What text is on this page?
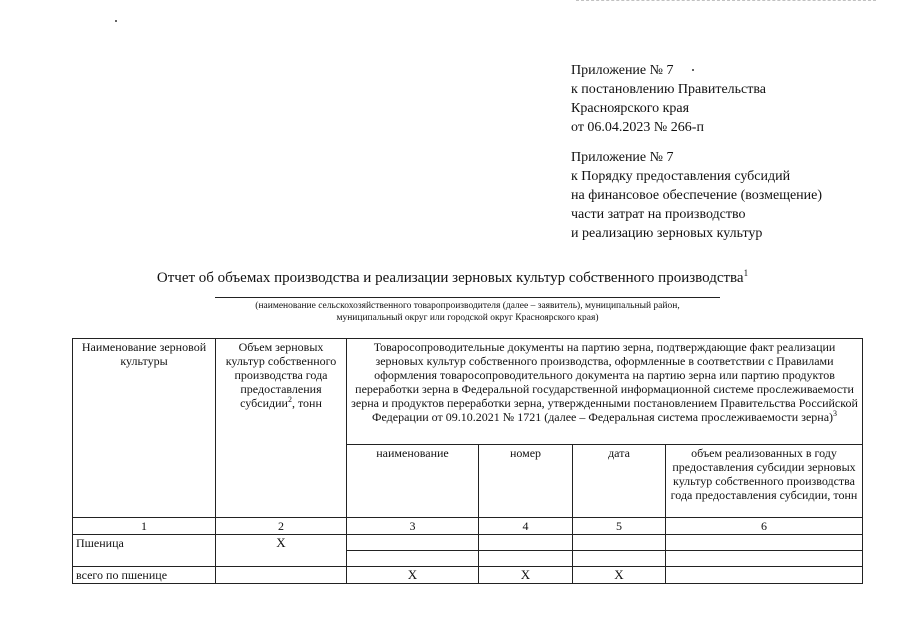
Приложение № 7
к постановлению Правительства
Красноярского края
от 06.04.2023 № 266-п
Приложение № 7
к Порядку предоставления субсидий
на финансовое обеспечение (возмещение)
части затрат на производство
и реализацию зерновых культур
Отчет об объемах производства и реализации зерновых культур собственного производства$^1$
(наименование сельскохозяйственного товаропроизводителя (далее – заявитель), муниципальный район,
муниципальный округ или городской округ Красноярского края)
Наименование зерновой культуры	Объем зерновых культур собственного производства года предоставления субсидии$^2$, тонн	Товаросопроводительные документы на партию зерна, подтверждающие факт реализации зерновых культур собственного производства, оформленные в соответствии с Правилами оформления товаросопроводительного документа на партию зерна или партию продуктов переработки зерна в Федеральной государственной информационной системе прослеживаемости зерна и продуктов переработки зерна, утвержденными постановлением Правительства Российской Федерации от 09.10.2021 № 1721 (далее – Федеральная система прослеживаемости зерна)$^3$
		наименование	номер	дата	объем реализованных в году предоставления субсидии зерновых культур собственного производства года предоставления субсидии, тонн
1	2	3	4	5	6
Пшеница	Х				

всего по пшенице		Х	Х	Х	
